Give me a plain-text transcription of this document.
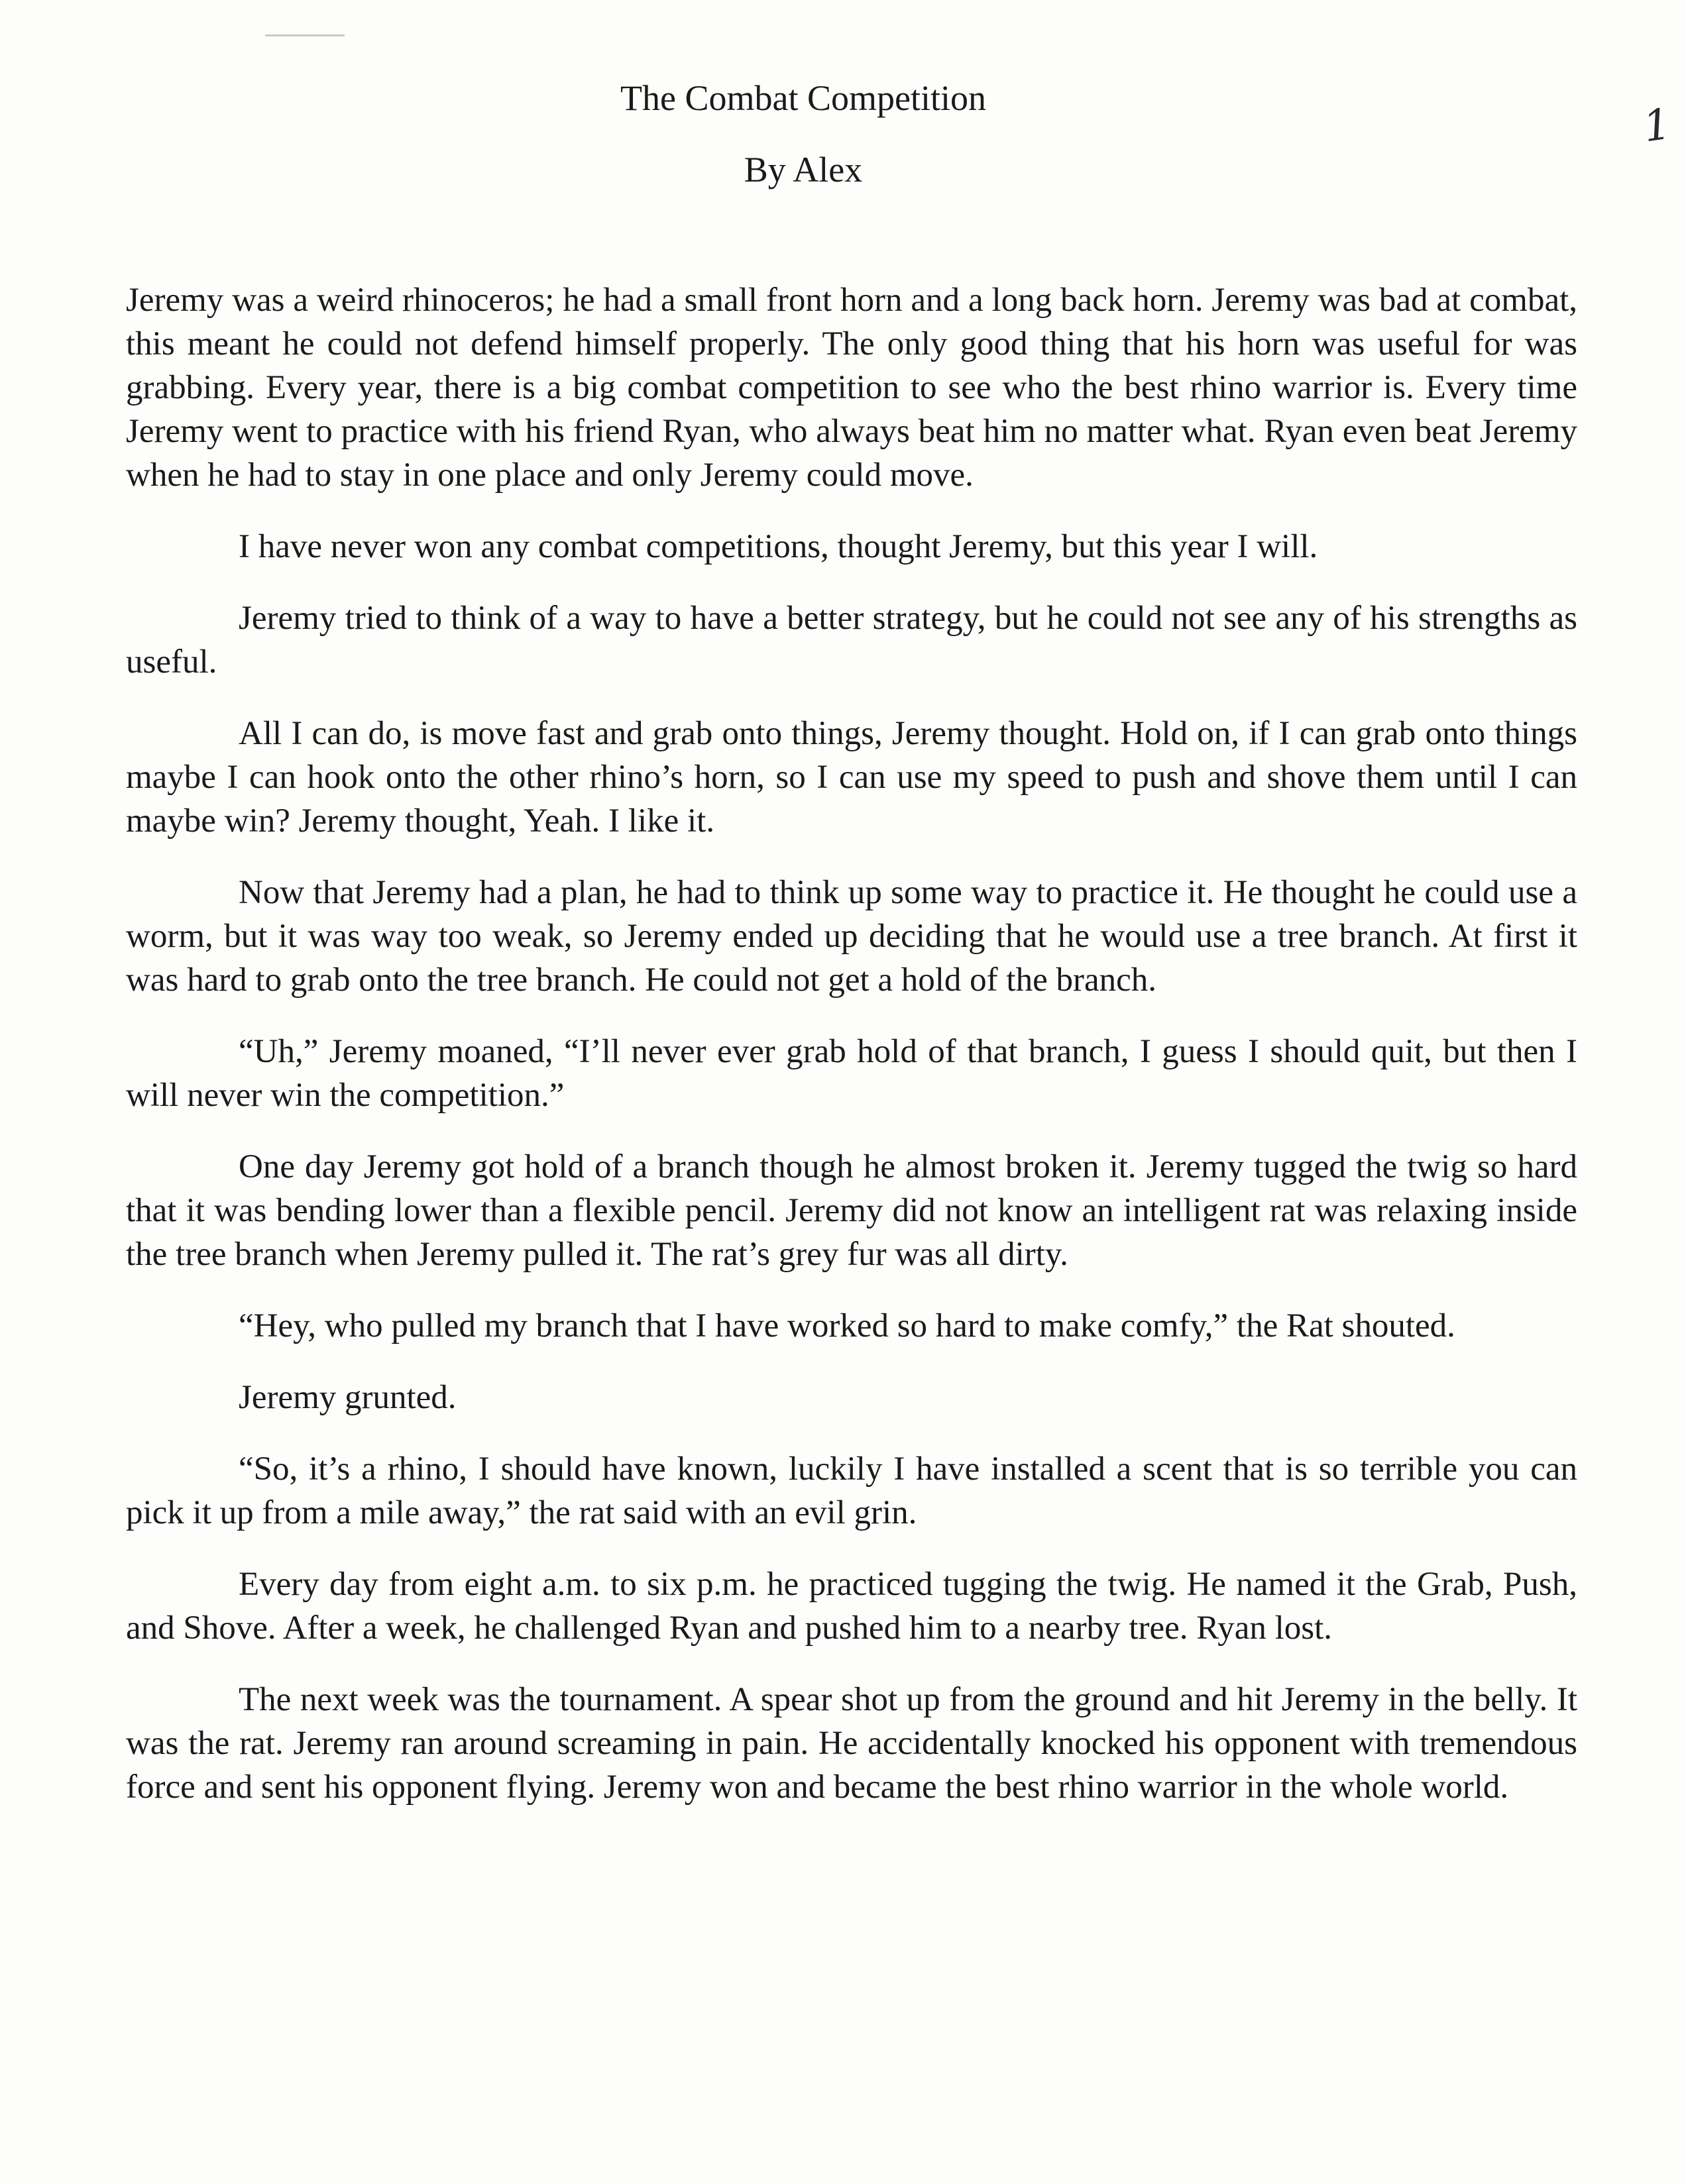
The Combat Competition
By Alex
1

Jeremy was a weird rhinoceros; he had a small front horn and a long back horn. Jeremy was bad at combat, this meant he could not defend himself properly. The only good thing that his horn was useful for was grabbing. Every year, there is a big combat competition to see who the best rhino warrior is. Every time Jeremy went to practice with his friend Ryan, who always beat him no matter what. Ryan even beat Jeremy when he had to stay in one place and only Jeremy could move.

I have never won any combat competitions, thought Jeremy, but this year I will.

Jeremy tried to think of a way to have a better strategy, but he could not see any of his strengths as useful.

All I can do, is move fast and grab onto things, Jeremy thought. Hold on, if I can grab onto things maybe I can hook onto the other rhino’s horn, so I can use my speed to push and shove them until I can maybe win? Jeremy thought, Yeah. I like it.

Now that Jeremy had a plan, he had to think up some way to practice it. He thought he could use a worm, but it was way too weak, so Jeremy ended up deciding that he would use a tree branch. At first it was hard to grab onto the tree branch. He could not get a hold of the branch.

“Uh,” Jeremy moaned, “I’ll never ever grab hold of that branch, I guess I should quit, but then I will never win the competition.”

One day Jeremy got hold of a branch though he almost broken it. Jeremy tugged the twig so hard that it was bending lower than a flexible pencil. Jeremy did not know an intelligent rat was relaxing inside the tree branch when Jeremy pulled it. The rat’s grey fur was all dirty.

“Hey, who pulled my branch that I have worked so hard to make comfy,” the Rat shouted.

Jeremy grunted.

“So, it’s a rhino, I should have known, luckily I have installed a scent that is so terrible you can pick it up from a mile away,” the rat said with an evil grin.

Every day from eight a.m. to six p.m. he practiced tugging the twig. He named it the Grab, Push, and Shove. After a week, he challenged Ryan and pushed him to a nearby tree. Ryan lost.

The next week was the tournament. A spear shot up from the ground and hit Jeremy in the belly. It was the rat. Jeremy ran around screaming in pain. He accidentally knocked his opponent with tremendous force and sent his opponent flying. Jeremy won and became the best rhino warrior in the whole world.
